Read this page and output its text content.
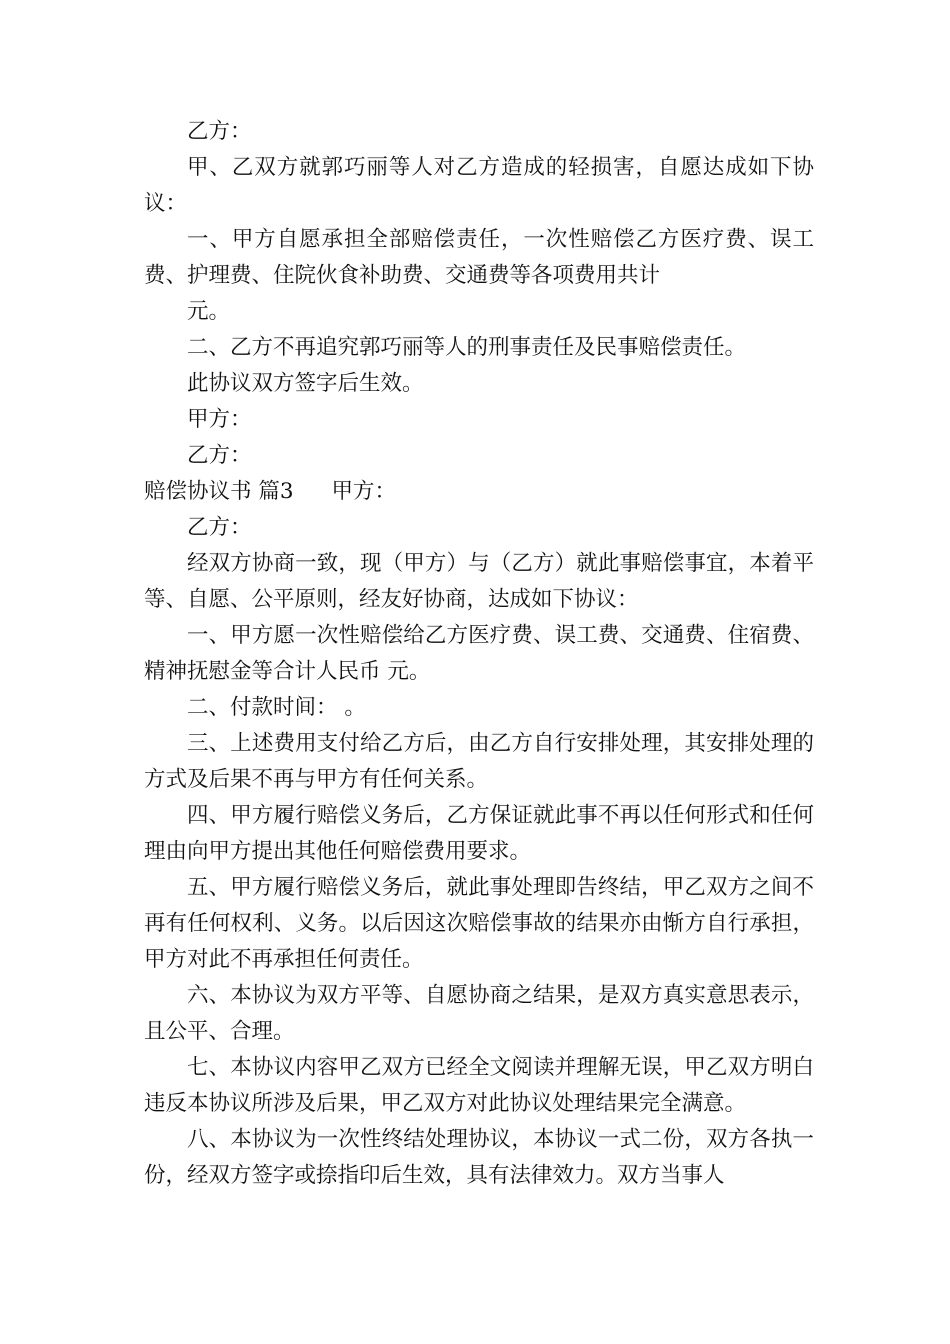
乙方：

甲、乙双方就郭巧丽等人对乙方造成的轻损害，自愿达成如下协议：

一、甲方自愿承担全部赔偿责任，一次性赔偿乙方医疗费、误工费、护理费、住院伙食补助费、交通费等各项费用共计

元。

二、乙方不再追究郭巧丽等人的刑事责任及民事赔偿责任。

此协议双方签字后生效。

甲方：

乙方：

赔偿协议书 篇3 甲方：

乙方：

经双方协商一致，现（甲方）与（乙方）就此事赔偿事宜，本着平等、自愿、公平原则，经友好协商，达成如下协议：

一、甲方愿一次性赔偿给乙方医疗费、误工费、交通费、住宿费、精神抚慰金等合计人民币 元。

二、付款时间： 。

三、上述费用支付给乙方后，由乙方自行安排处理，其安排处理的方式及后果不再与甲方有任何关系。

四、甲方履行赔偿义务后，乙方保证就此事不再以任何形式和任何理由向甲方提出其他任何赔偿费用要求。

五、甲方履行赔偿义务后，就此事处理即告终结，甲乙双方之间不再有任何权利、义务。以后因这次赔偿事故的结果亦由惭方自行承担，甲方对此不再承担任何责任。

六、本协议为双方平等、自愿协商之结果，是双方真实意思表示，且公平、合理。

七、本协议内容甲乙双方已经全文阅读并理解无误，甲乙双方明白违反本协议所涉及后果，甲乙双方对此协议处理结果完全满意。

八、本协议为一次性终结处理协议，本协议一式二份，双方各执一份，经双方签字或捺指印后生效，具有法律效力。双方当事人
